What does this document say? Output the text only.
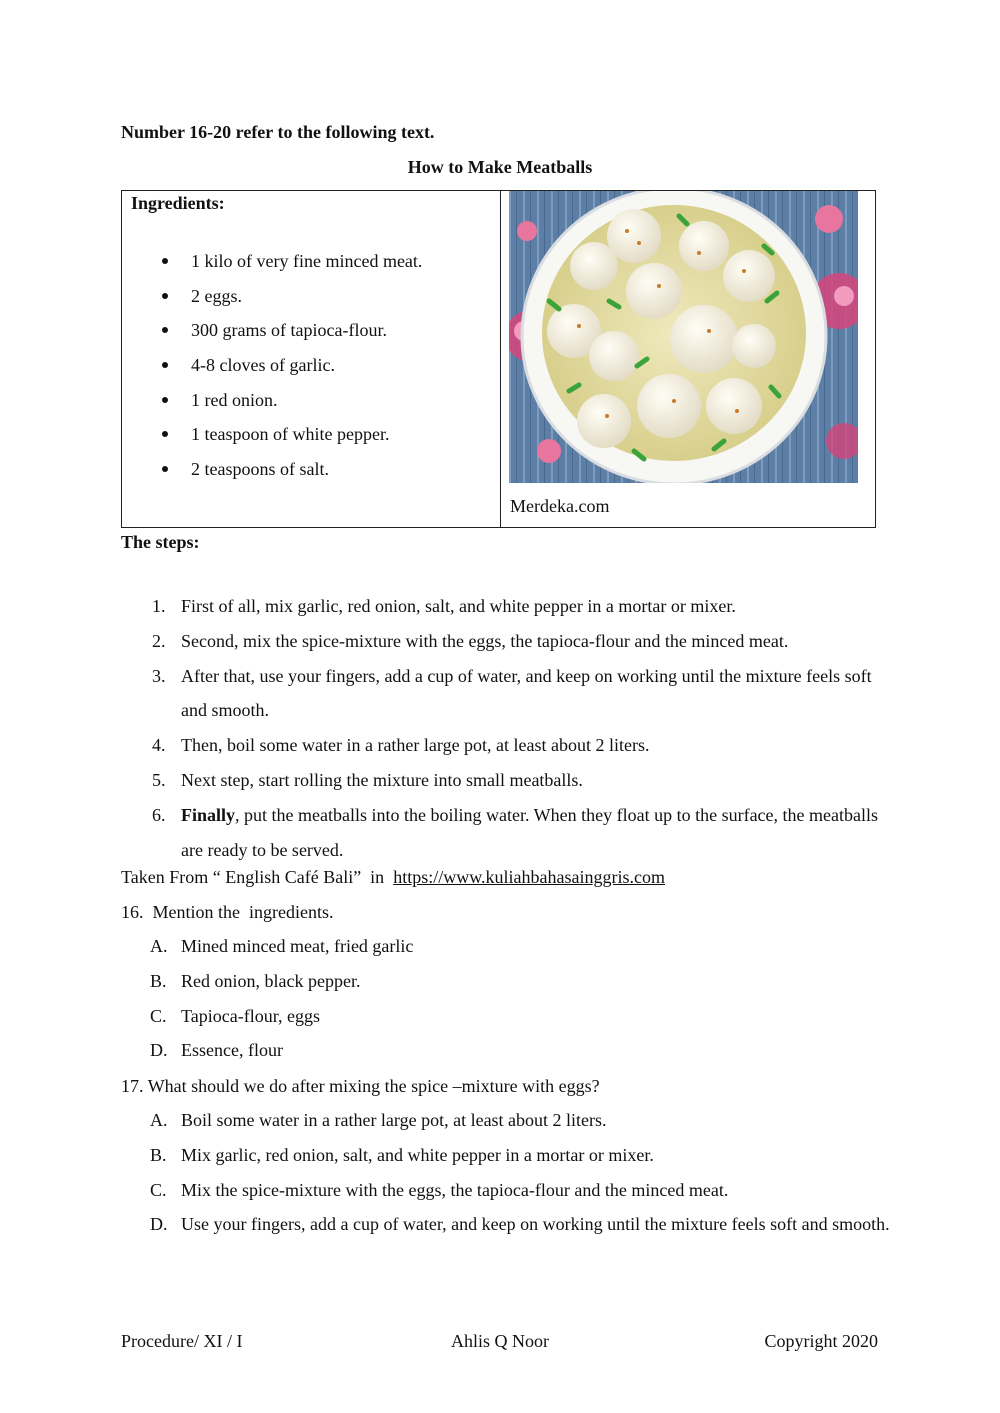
Number 16-20 refer to the following text.
How to Make Meatballs
Ingredients:
1 kilo of very fine minced meat.
2 eggs.
300 grams of tapioca-flour.
4-8 cloves of garlic.
1 red onion.
1 teaspoon of white pepper.
2 teaspoons of salt.
Merdeka.com
The steps:
1. First of all, mix garlic, red onion, salt, and white pepper in a mortar or mixer.
2. Second, mix the spice-mixture with the eggs, the tapioca-flour and the minced meat.
3. After that, use your fingers, add a cup of water, and keep on working until the mixture feels soft and smooth.
4. Then, boil some water in a rather large pot, at least about 2 liters.
5. Next step, start rolling the mixture into small meatballs.
6. Finally, put the meatballs into the boiling water. When they float up to the surface, the meatballs are ready to be served.
Taken From “ English Café Bali”  in  https://www.kuliahbahasainggris.com
16. Mention the  ingredients.
A. Mined minced meat, fried garlic
B. Red onion, black pepper.
C. Tapioca-flour, eggs
D. Essence, flour
17. What should we do after mixing the spice –mixture with eggs?
A. Boil some water in a rather large pot, at least about 2 liters.
B. Mix garlic, red onion, salt, and white pepper in a mortar or mixer.
C. Mix the spice-mixture with the eggs, the tapioca-flour and the minced meat.
D. Use your fingers, add a cup of water, and keep on working until the mixture feels soft and smooth.
Procedure/ XI / I	Ahlis Q Noor	Copyright 2020
